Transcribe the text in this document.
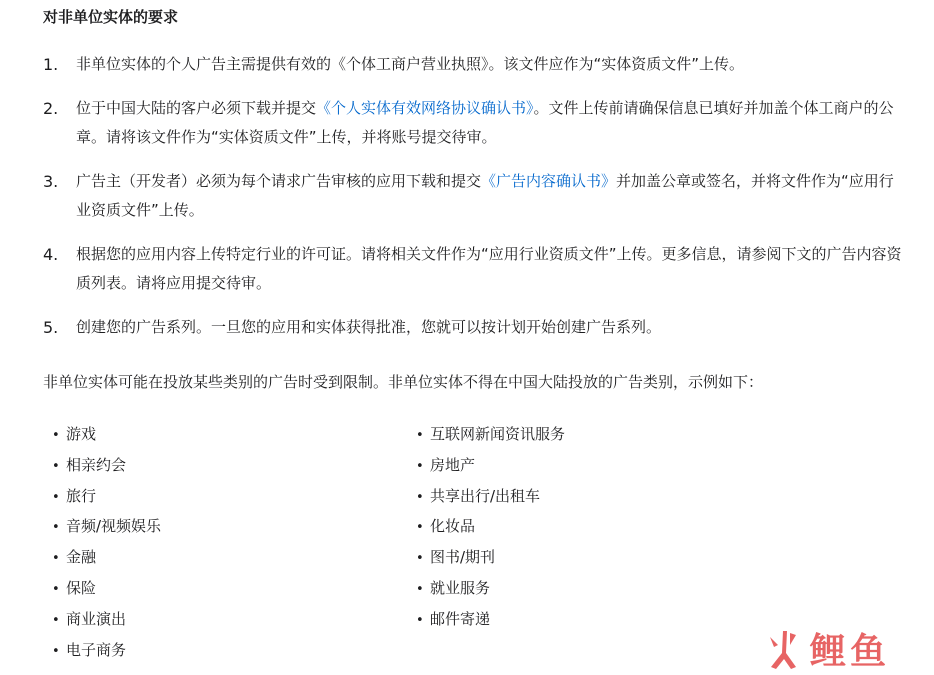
对非单位实体的要求
1. 非单位实体的个人广告主需提供有效的《个体工商户营业执照》。该文件应作为“实体资质文件”上传。
2. 位于中国大陆的客户必须下载并提交《个人实体有效网络协议确认书》。文件上传前请确保信息已填好并加盖个体工商户的公章。请将该文件作为“实体资质文件”上传，并将账号提交待审。
3. 广告主（开发者）必须为每个请求广告审核的应用下载和提交《广告内容确认书》并加盖公章或签名，并将文件作为“应用行业资质文件”上传。
4. 根据您的应用内容上传特定行业的许可证。请将相关文件作为“应用行业资质文件”上传。更多信息，请参阅下文的广告内容资质列表。请将应用提交待审。
5. 创建您的广告系列。一旦您的应用和实体获得批准，您就可以按计划开始创建广告系列。
非单位实体可能在投放某些类别的广告时受到限制。非单位实体不得在中国大陆投放的广告类别，示例如下：
• 游戏
• 相亲约会
• 旅行
• 音频/视频娱乐
• 金融
• 保险
• 商业演出
• 电子商务
• 互联网新闻资讯服务
• 房地产
• 共享出行/出租车
• 化妆品
• 图书/期刊
• 就业服务
• 邮件寄递
鲤鱼
